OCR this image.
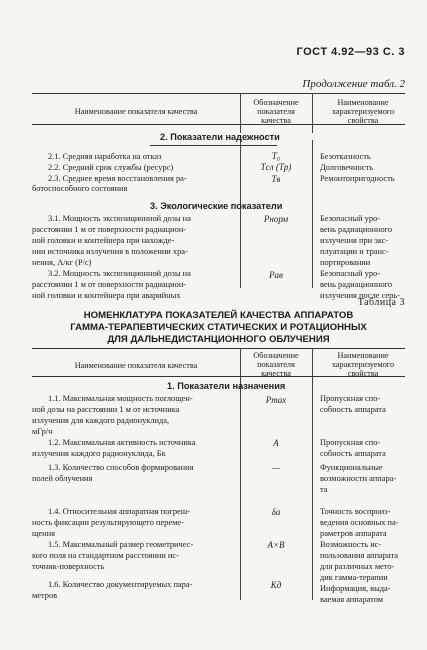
ГОСТ 4.92—93 С. 3
Продолжение табл. 2
Наименование показателя качества
Обозначение показателя качества
Наименование характеризуемого свойства
2. Показатели надежности
2.1. Средняя наработка на отказ	T₀	Безотказность
2.2. Средний срок службы (ресурс)	Tсл (Tр)	Долговечность
2.3. Среднее время восстановления ра-
ботоспособного состояния
Tв	Ремонтопригодность
3. Экологические показатели
3.1. Мощность экспозиционной дозы на
расстоянии 1 м от поверхности радиацион-
ной головки и контейнера при нахожде-
нии источника излучения в положении хра-
нения, А/кг (Р/с)
Pнорм	Безопасный уро-
вень радиационного
излучения при экс-
плуатации и транс-
портировании
3.2. Мощность экспозиционной дозы на
расстоянии 1 м от поверхности радиацион-
ной головки и контейнера при аварийных
Pав	Безопасный уро-
вень радиационного
излучения после серь-
Таблица 3
НОМЕНКЛАТУРА ПОКАЗАТЕЛЕЙ КАЧЕСТВА АППАРАТОВ
ГАММА-ТЕРАПЕВТИЧЕСКИХ СТАТИЧЕСКИХ И РОТАЦИОННЫХ
ДЛЯ ДАЛЬНЕДИСТАНЦИОННОГО ОБЛУЧЕНИЯ
Наименование показателя качества
Обозначение показателя качества
Наименование характеризуемого свойства
1. Показатели назначения
1.1. Максимальная мощность поглощен-
ной дозы на расстоянии 1 м от источника
излучения для каждого радионуклида,
мГр/ч
Pmax	Пропускная спо-
собность аппарата
1.2. Максимальная активность источника
излучения каждого радионуклида, Бк
A	Пропускная спо-
собность аппарата
1.3. Количество способов формирования
полей облучения
—	Функциональные
возможности аппара-
та
1.4. Относительная аппаратная погреш-
ность фиксации результирующего переме-
щения
δа	Точность воспроиз-
ведения основных па-
раметров аппарата
1.5. Максимальный размер геометричес-
кого поля на стандартном расстоянии ис-
точник-поверхность
A×B	Возможность ис-
пользования аппарата
для различных мето-
дик гамма-терапии
1.6. Количество документируемых пара-
метров
Kд	Информация, выда-
ваемая аппаратом
